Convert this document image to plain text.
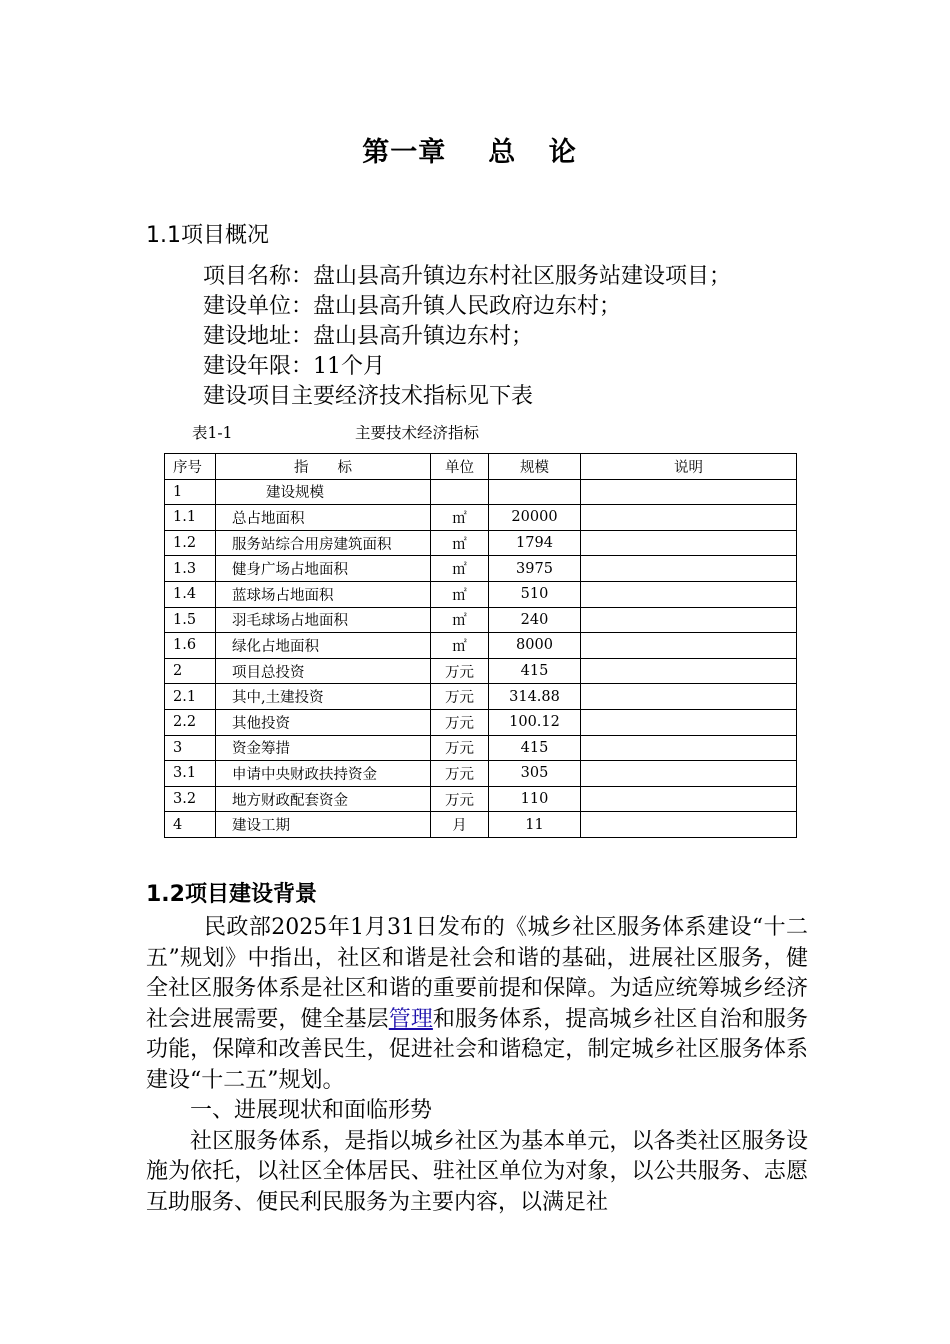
第一章 总 论
1.1项目概况
项目名称：盘山县高升镇边东村社区服务站建设项目；
建设单位：盘山县高升镇人民政府边东村；
建设地址：盘山县高升镇边东村；
建设年限：11个月
建设项目主要经济技术指标见下表
表1-1	主要技术经济指标
序号	指　　标	单位	规模	说明
1	建设规模			
1.1	总占地面积	㎡	20000	
1.2	服务站综合用房建筑面积	㎡	1794	
1.3	健身广场占地面积	㎡	3975	
1.4	蓝球场占地面积	㎡	510	
1.5	羽毛球场占地面积	㎡	240	
1.6	绿化占地面积	㎡	8000	
2	项目总投资	万元	415	
2.1	其中,土建投资	万元	314.88	
2.2	其他投资	万元	100.12	
3	资金筹措	万元	415	
3.1	申请中央财政扶持资金	万元	305	
3.2	地方财政配套资金	万元	110	
4	建设工期	月	11	
1.2项目建设背景

民政部2025年1月31日发布的《城乡社区服务体系建设“十二五”规划》中指出，社区和谐是社会和谐的基础，进展社区服务，健全社区服务体系是社区和谐的重要前提和保障。为适应统筹城乡经济社会进展需要，健全基层管理和服务体系，提高城乡社区自治和服务功能，保障和改善民生，促进社会和谐稳定，制定城乡社区服务体系建设“十二五”规划。

一、进展现状和面临形势

社区服务体系，是指以城乡社区为基本单元，以各类社区服务设施为依托，以社区全体居民、驻社区单位为对象，以公共服务、志愿互助服务、便民利民服务为主要内容，以满足社
